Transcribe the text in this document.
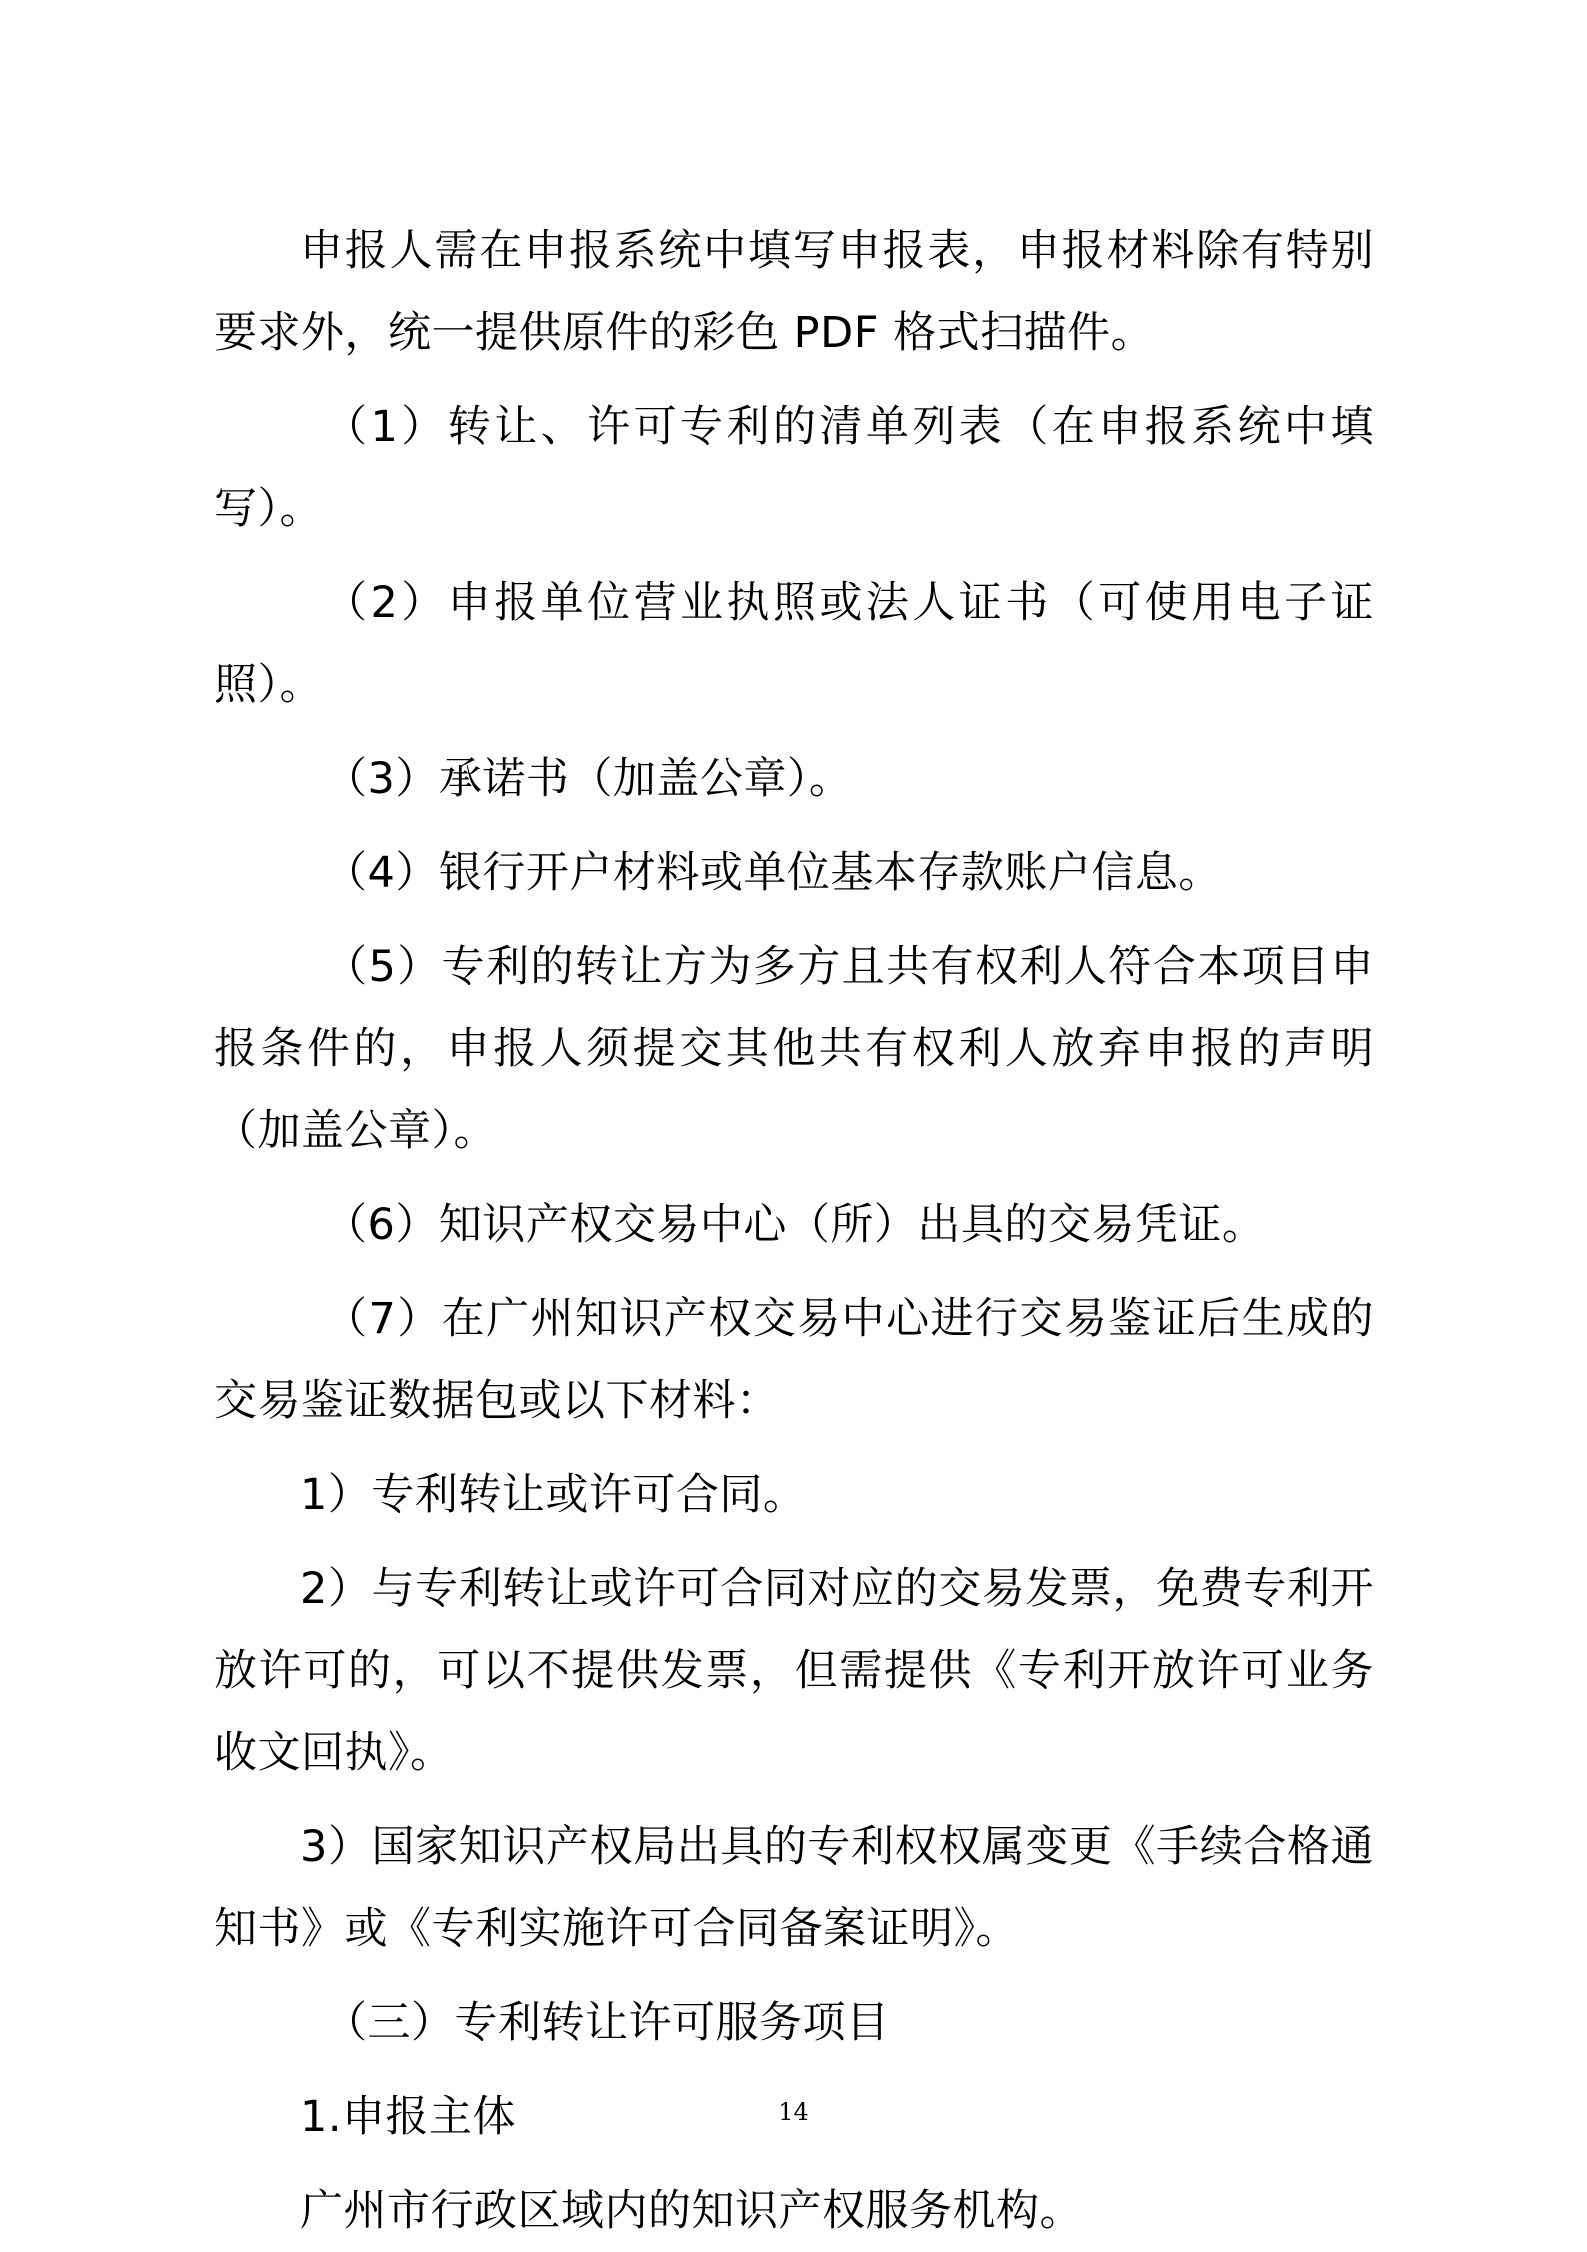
申报人需在申报系统中填写申报表，申报材料除有特别要求外，统一提供原件的彩色 PDF 格式扫描件。

（1）转让、许可专利的清单列表（在申报系统中填写）。

（2）申报单位营业执照或法人证书（可使用电子证照）。

（3）承诺书（加盖公章）。

（4）银行开户材料或单位基本存款账户信息。

（5）专利的转让方为多方且共有权利人符合本项目申报条件的，申报人须提交其他共有权利人放弃申报的声明（加盖公章）。

（6）知识产权交易中心（所）出具的交易凭证。

（7）在广州知识产权交易中心进行交易鉴证后生成的交易鉴证数据包或以下材料：

1）专利转让或许可合同。

2）与专利转让或许可合同对应的交易发票，免费专利开放许可的，可以不提供发票，但需提供《专利开放许可业务收文回执》。

3）国家知识产权局出具的专利权权属变更《手续合格通知书》或《专利实施许可合同备案证明》。

（三）专利转让许可服务项目

1.申报主体

广州市行政区域内的知识产权服务机构。

14
